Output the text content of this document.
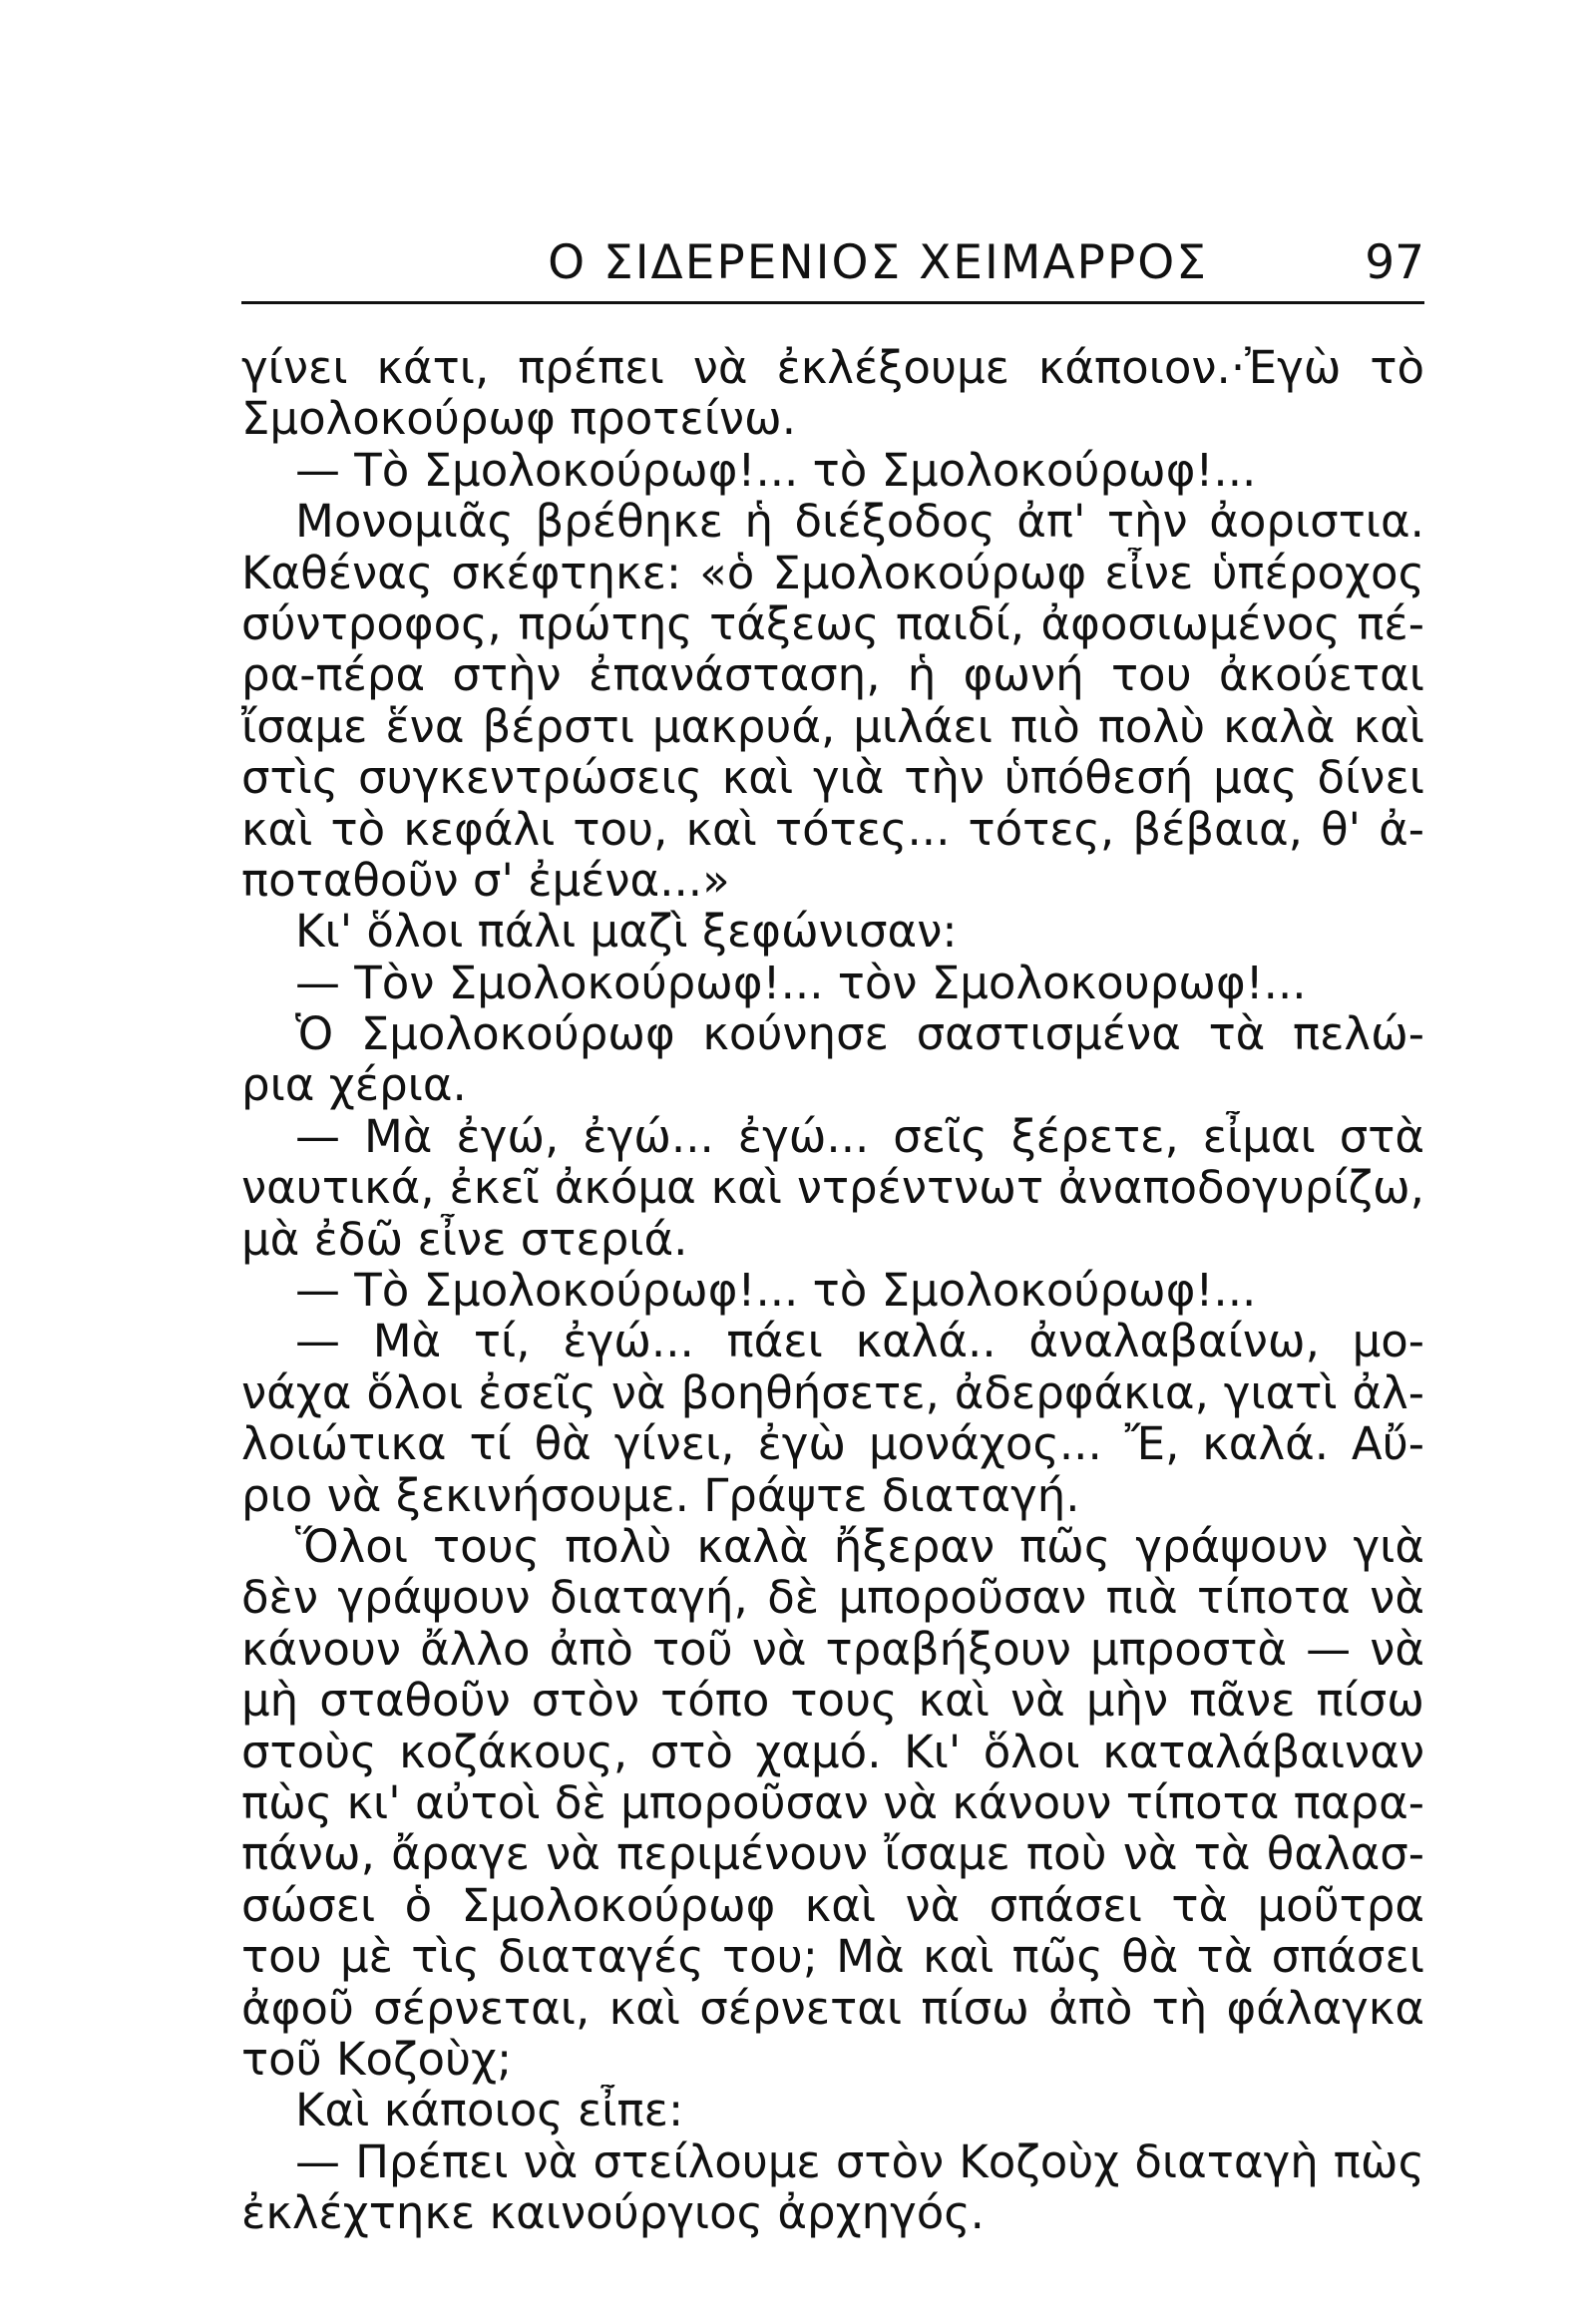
Ο ΣΙΔΕΡΕΝΙΟΣ ΧΕΙΜΑΡΡΟΣ	97
γίνει κάτι, πρέπει νὰ ἐκλέξουμε κάποιον.·Ἐγὼ τὸ
Σμολοκούρωφ προτείνω.
— Τὸ Σμολοκούρωφ!... τὸ Σμολοκούρωφ!...
Μονομιᾶς βρέθηκε ἡ διέξοδος ἀπ' τὴν ἀοριστια.
Καθένας σκέφτηκε: «ὁ Σμολοκούρωφ εἶνε ὑπέροχος
σύντροφος, πρώτης τάξεως παιδί, ἀφοσιωμένος πέ-
ρα-πέρα στὴν ἐπανάσταση, ἡ φωνή του ἀκούεται
ἴσαμε ἕνα βέρστι μακρυά, μιλάει πιὸ πολὺ καλὰ καὶ
στὶς συγκεντρώσεις καὶ γιὰ τὴν ὑπόθεσή μας δίνει
καὶ τὸ κεφάλι του, καὶ τότες... τότες, βέβαια, θ' ἀ-
ποταθοῦν σ' ἐμένα...»
Κι' ὅλοι πάλι μαζὶ ξεφώνισαν:
— Τὸν Σμολοκούρωφ!... τὸν Σμολοκουρωφ!...
Ὁ Σμολοκούρωφ κούνησε σαστισμένα τὰ πελώ-
ρια χέρια.
— Μὰ ἐγώ, ἐγώ... ἐγώ... σεῖς ξέρετε, εἶμαι στὰ
ναυτικά, ἐκεῖ ἀκόμα καὶ ντρέντνωτ ἀναποδογυρίζω,
μὰ ἐδῶ εἶνε στεριά.
— Τὸ Σμολοκούρωφ!... τὸ Σμολοκούρωφ!...
— Μὰ τί, ἐγώ... πάει καλά.. ἀναλαβαίνω, μο-
νάχα ὅλοι ἐσεῖς νὰ βοηθήσετε, ἀδερφάκια, γιατὶ ἀλ-
λοιώτικα τί θὰ γίνει, ἐγὼ μονάχος... Ἔ, καλά. Αὔ-
ριο νὰ ξεκινήσουμε. Γράψτε διαταγή.
Ὅλοι τους πολὺ καλὰ ἤξεραν πῶς γράψουν γιὰ
δὲν γράψουν διαταγή, δὲ μποροῦσαν πιὰ τίποτα νὰ
κάνουν ἄλλο ἀπὸ τοῦ νὰ τραβήξουν μπροστὰ — νὰ
μὴ σταθοῦν στὸν τόπο τους καὶ νὰ μὴν πᾶνε πίσω
στοὺς κοζάκους, στὸ χαμό. Κι' ὅλοι καταλάβαιναν
πὼς κι' αὐτοὶ δὲ μποροῦσαν νὰ κάνουν τίποτα παρα-
πάνω, ἄραγε νὰ περιμένουν ἴσαμε ποὺ νὰ τὰ θαλασ-
σώσει ὁ Σμολοκούρωφ καὶ νὰ σπάσει τὰ μοῦτρα
του μὲ τὶς διαταγές του; Μὰ καὶ πῶς θὰ τὰ σπάσει
ἀφοῦ σέρνεται, καὶ σέρνεται πίσω ἀπὸ τὴ φάλαγκα
τοῦ Κοζοὺχ;
Καὶ κάποιος εἶπε:
— Πρέπει νὰ στείλουμε στὸν Κοζοὺχ διαταγὴ πὼς
ἐκλέχτηκε καινούργιος ἀρχηγός.
